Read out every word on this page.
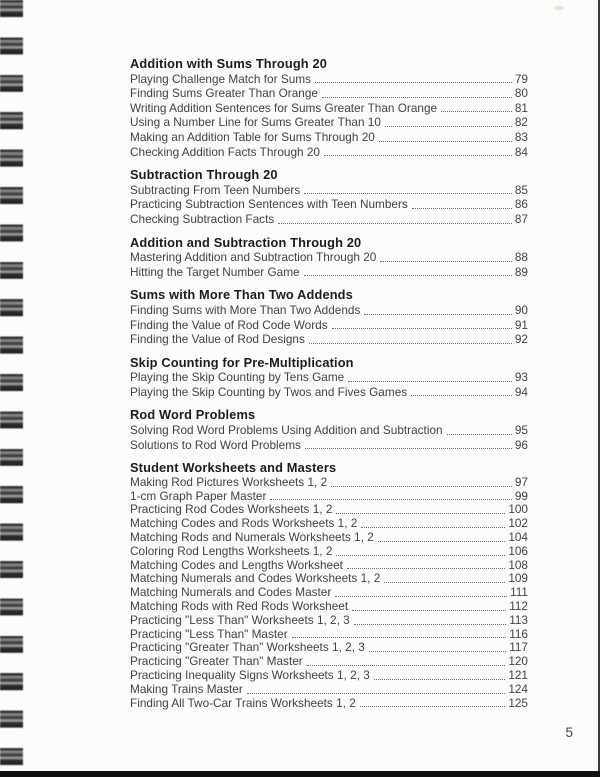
Addition with Sums Through 20
Playing Challenge Match for Sums	79
Finding Sums Greater Than Orange	80
Writing Addition Sentences for Sums Greater Than Orange	81
Using a Number Line for Sums Greater Than 10	82
Making an Addition Table for Sums Through 20	83
Checking Addition Facts Through 20	84
Subtraction Through 20
Subtracting From Teen Numbers	85
Practicing Subtraction Sentences with Teen Numbers	86
Checking Subtraction Facts	87
Addition and Subtraction Through 20
Mastering Addition and Subtraction Through 20	88
Hitting the Target Number Game	89
Sums with More Than Two Addends
Finding Sums with More Than Two Addends	90
Finding the Value of Rod Code Words	91
Finding the Value of Rod Designs	92
Skip Counting for Pre-Multiplication
Playing the Skip Counting by Tens Game	93
Playing the Skip Counting by Twos and Fives Games	94
Rod Word Problems
Solving Rod Word Problems Using Addition and Subtraction	95
Solutions to Rod Word Problems	96
Student Worksheets and Masters
Making Rod Pictures Worksheets 1, 2	97
1-cm Graph Paper Master	99
Practicing Rod Codes Worksheets 1, 2	100
Matching Codes and Rods Worksheets 1, 2	102
Matching Rods and Numerals Worksheets 1, 2	104
Coloring Rod Lengths Worksheets 1, 2	106
Matching Codes and Lengths Worksheet	108
Matching Numerals and Codes Worksheets 1, 2	109
Matching Numerals and Codes Master	111
Matching Rods with Red Rods Worksheet	112
Practicing "Less Than" Worksheets 1, 2, 3	113
Practicing "Less Than" Master	116
Practicing "Greater Than" Worksheets 1, 2, 3	117
Practicing "Greater Than" Master	120
Practicing Inequality Signs Worksheets 1, 2, 3	121
Making Trains Master	124
Finding All Two-Car Trains Worksheets 1, 2	125
5
